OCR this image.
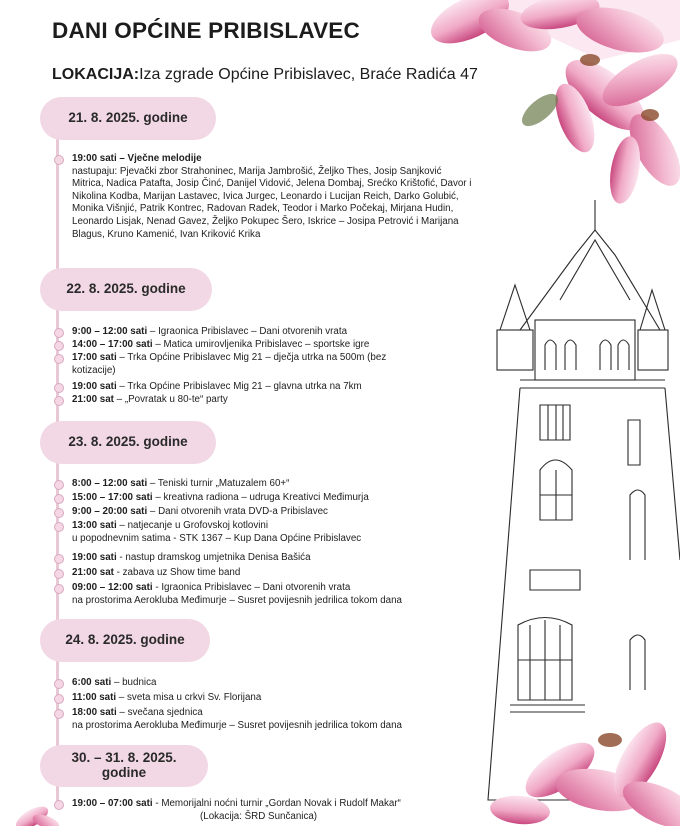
DANI OPĆINE PRIBISLAVEC
LOKACIJA:Iza zgrade Općine Pribislavec, Braće Radića 47
21. 8. 2025. godine
19:00 sati – Vječne melodije
nastupaju: Pjevački zbor Strahoninec, Marija Jambrošić, Željko Thes, Josip Sanjković
Mitrica, Nadica Patafta, Josip Činć, Danijel Vidović, Jelena Dombaj, Srećko Krištofić, Davor i
Nikolina Kodba, Marijan Lastavec, Ivica Jurgec, Leonardo i Lucijan Reich, Darko Golubić,
Monika Višnjić, Patrik Kontrec, Radovan Radek, Teodor i Marko Počekaj, Mirjana Hudin,
Leonardo Lisjak, Nenad Gavez, Željko Pokupec Šero, Iskrice – Josipa Petrović i Marijana
Blagus, Kruno Kamenić, Ivan Kriković Krika
22. 8. 2025. godine
9:00 – 12:00 sati – Igraonica Pribislavec – Dani otvorenih vrata
14:00 – 17:00 sati – Matica umirovljenika Pribislavec – sportske igre
17:00 sati – Trka Općine Pribislavec Mig 21 – dječja utrka na 500m (bez
kotizacije)
19:00 sati – Trka Općine Pribislavec Mig 21 – glavna utrka na 7km
21:00 sat – „Povratak u 80-te“ party
23. 8. 2025. godine
8:00 – 12:00 sati – Teniski turnir „Matuzalem 60+“
15:00 – 17:00 sati – kreativna radiona – udruga Kreativci Međimurja
9:00 – 20:00 sati – Dani otvorenih vrata DVD-a Pribislavec
13:00 sati – natjecanje u Grofovskoj kotlovini
u popodnevnim satima - STK 1367 – Kup Dana Općine Pribislavec
19:00 sati - nastup dramskog umjetnika Denisa Bašića
21:00 sat - zabava uz Show time band
09:00 – 12:00 sati - Igraonica Pribislavec – Dani otvorenih vrata
na prostorima Aerokluba Međimurje – Susret povijesnih jedrilica tokom dana
24. 8. 2025. godine
6:00 sati – budnica
11:00 sati – sveta misa u crkvi Sv. Florijana
18:00 sati – svečana sjednica
na prostorima Aerokluba Međimurje – Susret povijesnih jedrilica tokom dana
30. – 31. 8. 2025. godine
19:00 – 07:00 sati - Memorijalni noćni turnir „Gordan Novak i Rudolf Makar“
(Lokacija: ŠRD Sunčanica)
